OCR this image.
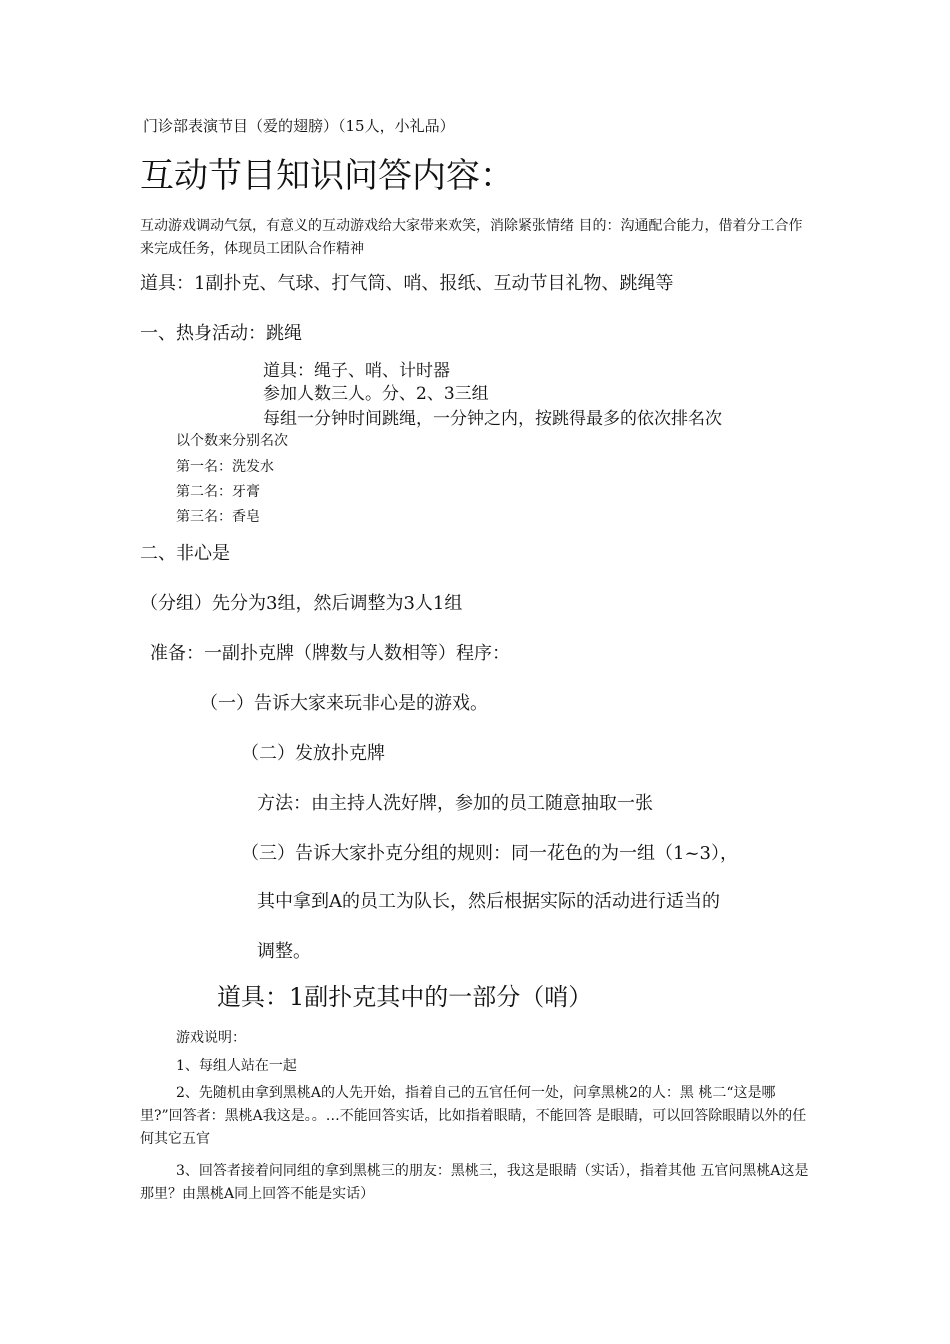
门诊部表演节目（爱的翅膀）（15人，小礼品）
互动节目知识问答内容：
互动游戏调动气氛，有意义的互动游戏给大家带来欢笑，消除紧张情绪 目的：沟通配合能力，借着分工合作来完成任务，体现员工团队合作精神
道具：1副扑克、气球、打气筒、哨、报纸、互动节目礼物、跳绳等
一、热身活动：跳绳
道具：绳子、哨、计时器
参加人数三人。分、2、3三组
每组一分钟时间跳绳，一分钟之内，按跳得最多的依次排名次
以个数来分别名次
第一名：洗发水
第二名：牙膏
第三名：香皂
二、非心是
（分组）先分为3组，然后调整为3人1组
准备：一副扑克牌（牌数与人数相等）程序：
（一）告诉大家来玩非心是的游戏。
（二）发放扑克牌
方法：由主持人洗好牌，参加的员工随意抽取一张
（三）告诉大家扑克分组的规则：同一花色的为一组（1~3），
其中拿到A的员工为队长，然后根据实际的活动进行适当的
调整。
道具：1副扑克其中的一部分（哨）
游戏说明：
1、每组人站在一起
2、先随机由拿到黑桃A的人先开始，指着自己的五官任何一处，问拿黑桃2的人：黑 桃二“这是哪里?”回答者：黑桃A我这是。。…不能回答实话，比如指着眼睛，不能回答 是眼睛，可以回答除眼睛以外的任何其它五官
3、回答者接着问同组的拿到黑桃三的朋友：黑桃三，我这是眼睛（实话），指着其他 五官问黑桃A这是那里？由黑桃A同上回答不能是实话）
